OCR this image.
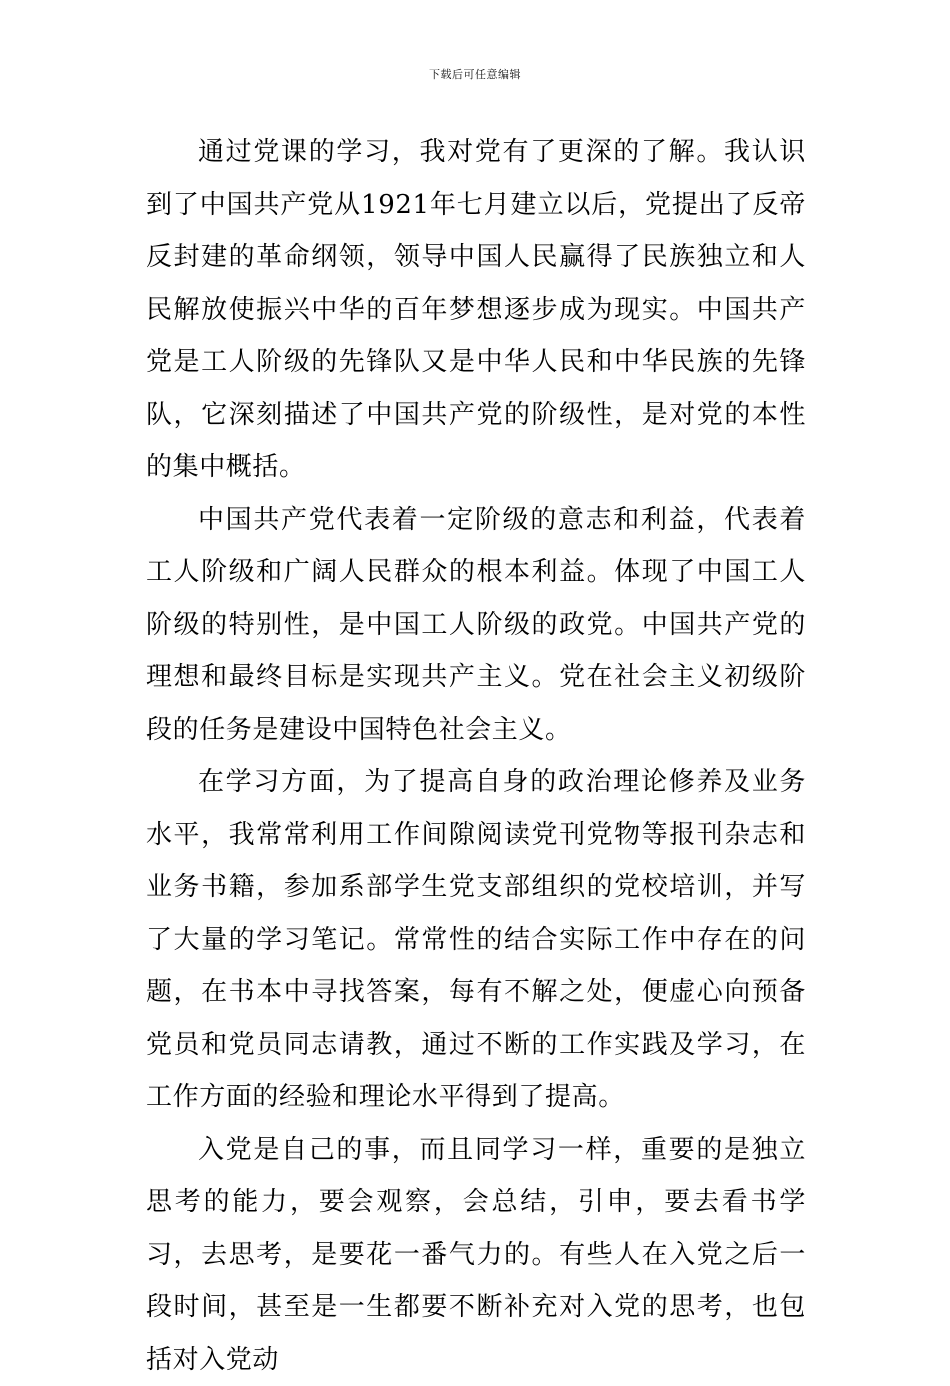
下载后可任意编辑

通过党课的学习，我对党有了更深的了解。我认识到了中国共产党从1921年七月建立以后，党提出了反帝反封建的革命纲领，领导中国人民赢得了民族独立和人民解放使振兴中华的百年梦想逐步成为现实。中国共产党是工人阶级的先锋队又是中华人民和中华民族的先锋队，它深刻描述了中国共产党的阶级性，是对党的本性的集中概括。

中国共产党代表着一定阶级的意志和利益，代表着工人阶级和广阔人民群众的根本利益。体现了中国工人阶级的特别性，是中国工人阶级的政党。中国共产党的理想和最终目标是实现共产主义。党在社会主义初级阶段的任务是建设中国特色社会主义。

在学习方面，为了提高自身的政治理论修养及业务水平，我常常利用工作间隙阅读党刊党物等报刊杂志和业务书籍，参加系部学生党支部组织的党校培训，并写了大量的学习笔记。常常性的结合实际工作中存在的问题，在书本中寻找答案，每有不解之处，便虚心向预备党员和党员同志请教，通过不断的工作实践及学习，在工作方面的经验和理论水平得到了提高。

入党是自己的事，而且同学习一样，重要的是独立思考的能力，要会观察，会总结，引申，要去看书学习，去思考，是要花一番气力的。有些人在入党之后一段时间，甚至是一生都要不断补充对入党的思考，也包括对入党动
